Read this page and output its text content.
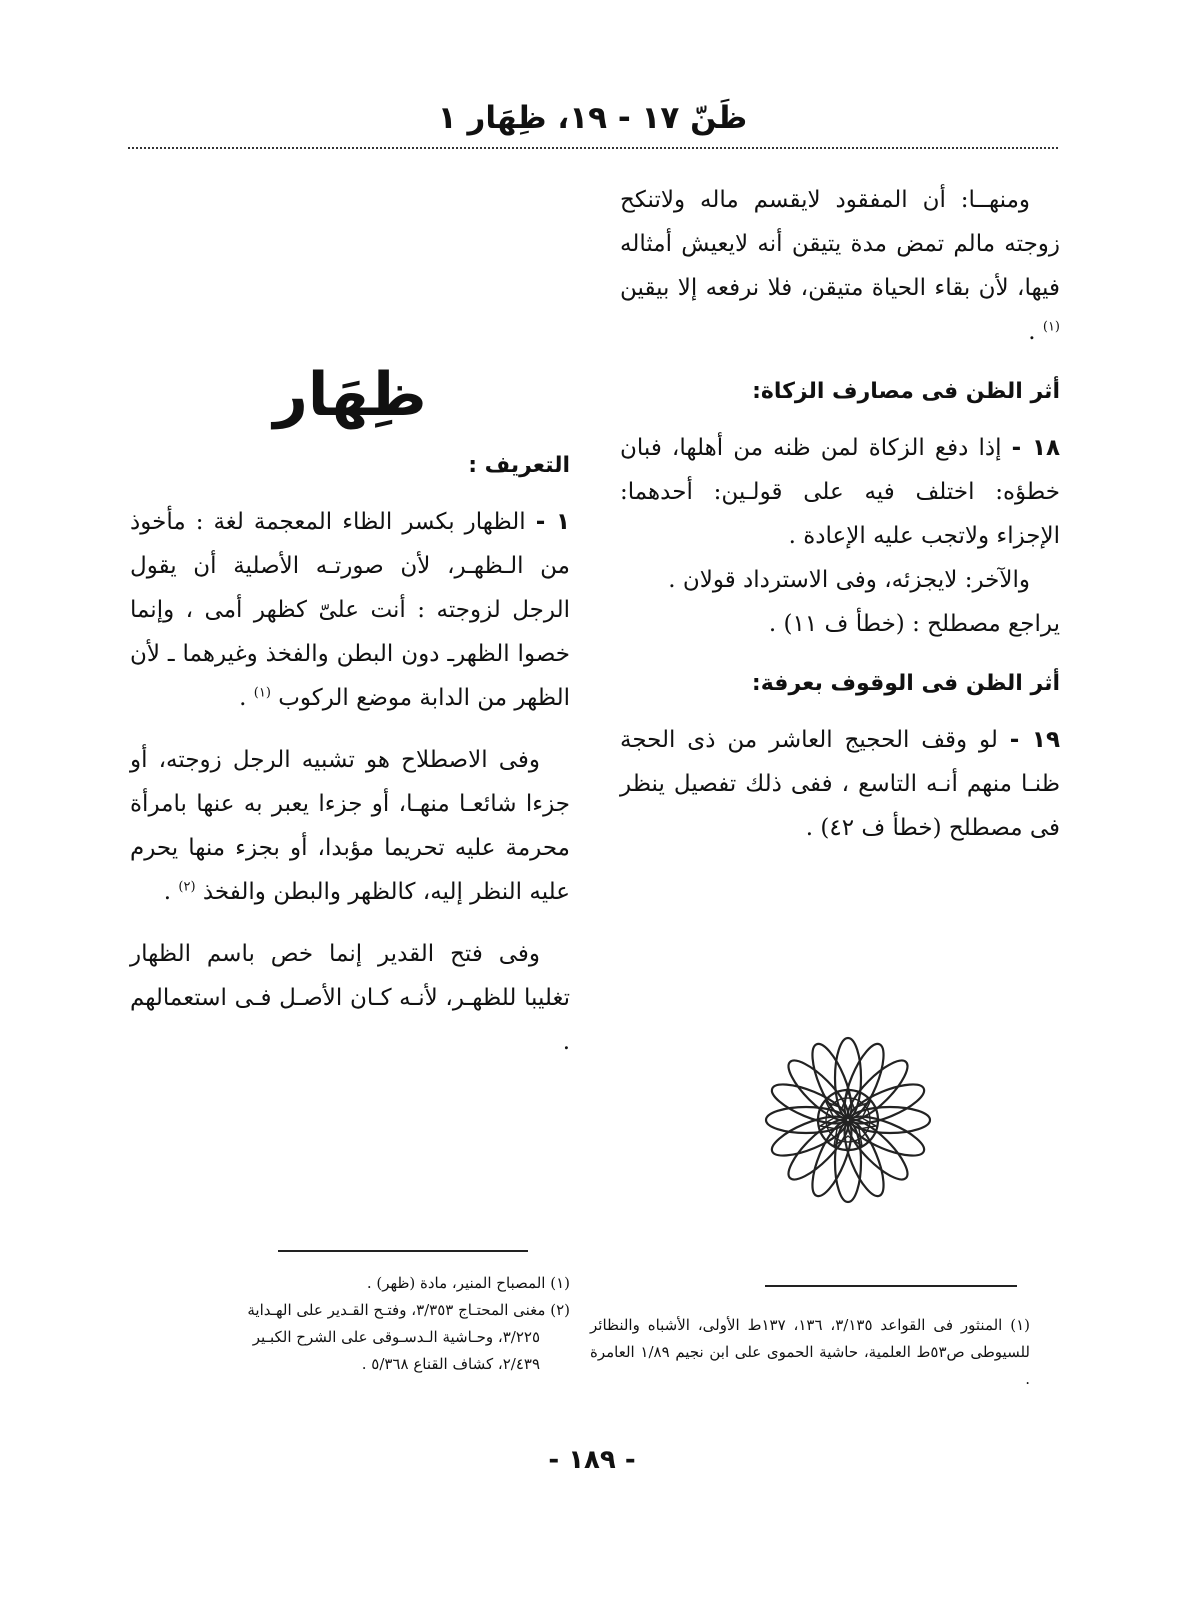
ظَنّ ١٧ - ١٩، ظِهَار ١

ومنهــا: أن المفقود لايقسم ماله ولاتنكح زوجته مالم تمض مدة يتيقن أنه لايعيش أمثاله فيها، لأن بقاء الحياة متيقن، فلا نرفعه إلا بيقين $^{(١)}$ .

أثر الظن فى مصارف الزكاة:

١٨ - إذا دفع الزكاة لمن ظنه من أهلها، فبان خطؤه: اختلف فيه على قولـين: أحدهما: الإجزاء ولاتجب عليه الإعادة .

والآخر: لايجزئه، وفى الاسترداد قولان .

يراجع مصطلح : (خطأ ف ١١) .

أثر الظن فى الوقوف بعرفة:

١٩ - لو وقف الحجيج العاشر من ذى الحجة ظنـا منهم أنـه التاسع ، ففى ذلك تفصيل ينظر فى مصطلح (خطأ ف ٤٢) .

ظِهَار
التعريف :

١ - الظهار بكسر الظاء المعجمة لغة : مأخوذ من الـظهـر، لأن صورتـه الأصلية أن يقول الرجل لزوجته : أنت علىّ كظهر أمى ، وإنما خصوا الظهرـ دون البطن والفخذ وغيرهما ـ لأن الظهر من الدابة موضع الركوب $^{(١)}$ .

وفى الاصطلاح هو تشبيه الرجل زوجته، أو جزءا شائعـا منهـا، أو جزءا يعبر به عنها بامرأة محرمة عليه تحريما مؤبدا، أو بجزء منها يحرم عليه النظر إليه، كالظهر والبطن والفخذ $^{(٢)}$ .

وفى فتح القدير إنما خص باسم الظهار تغليبا للظهـر، لأنـه كـان الأصـل فـى استعمالهم .

(١) المنثور فى القواعد ٣/١٣٥، ١٣٦، ١٣٧ط الأولى، الأشباه والنظائر للسيوطى ص٥٣ط العلمية، حاشية الحموى على ابن نجيم ١/٨٩ العامرة .

(١) المصباح المنير، مادة (ظهر) .

(٢) مغنى المحتـاج ٣/٣٥٣، وفتـح القـدير على الهـداية

٣/٢٢٥، وحـاشية الـدسـوقى على الشرح الكبـير

٢/٤٣٩، كشاف القناع ٥/٣٦٨ .

- ١٨٩ -
